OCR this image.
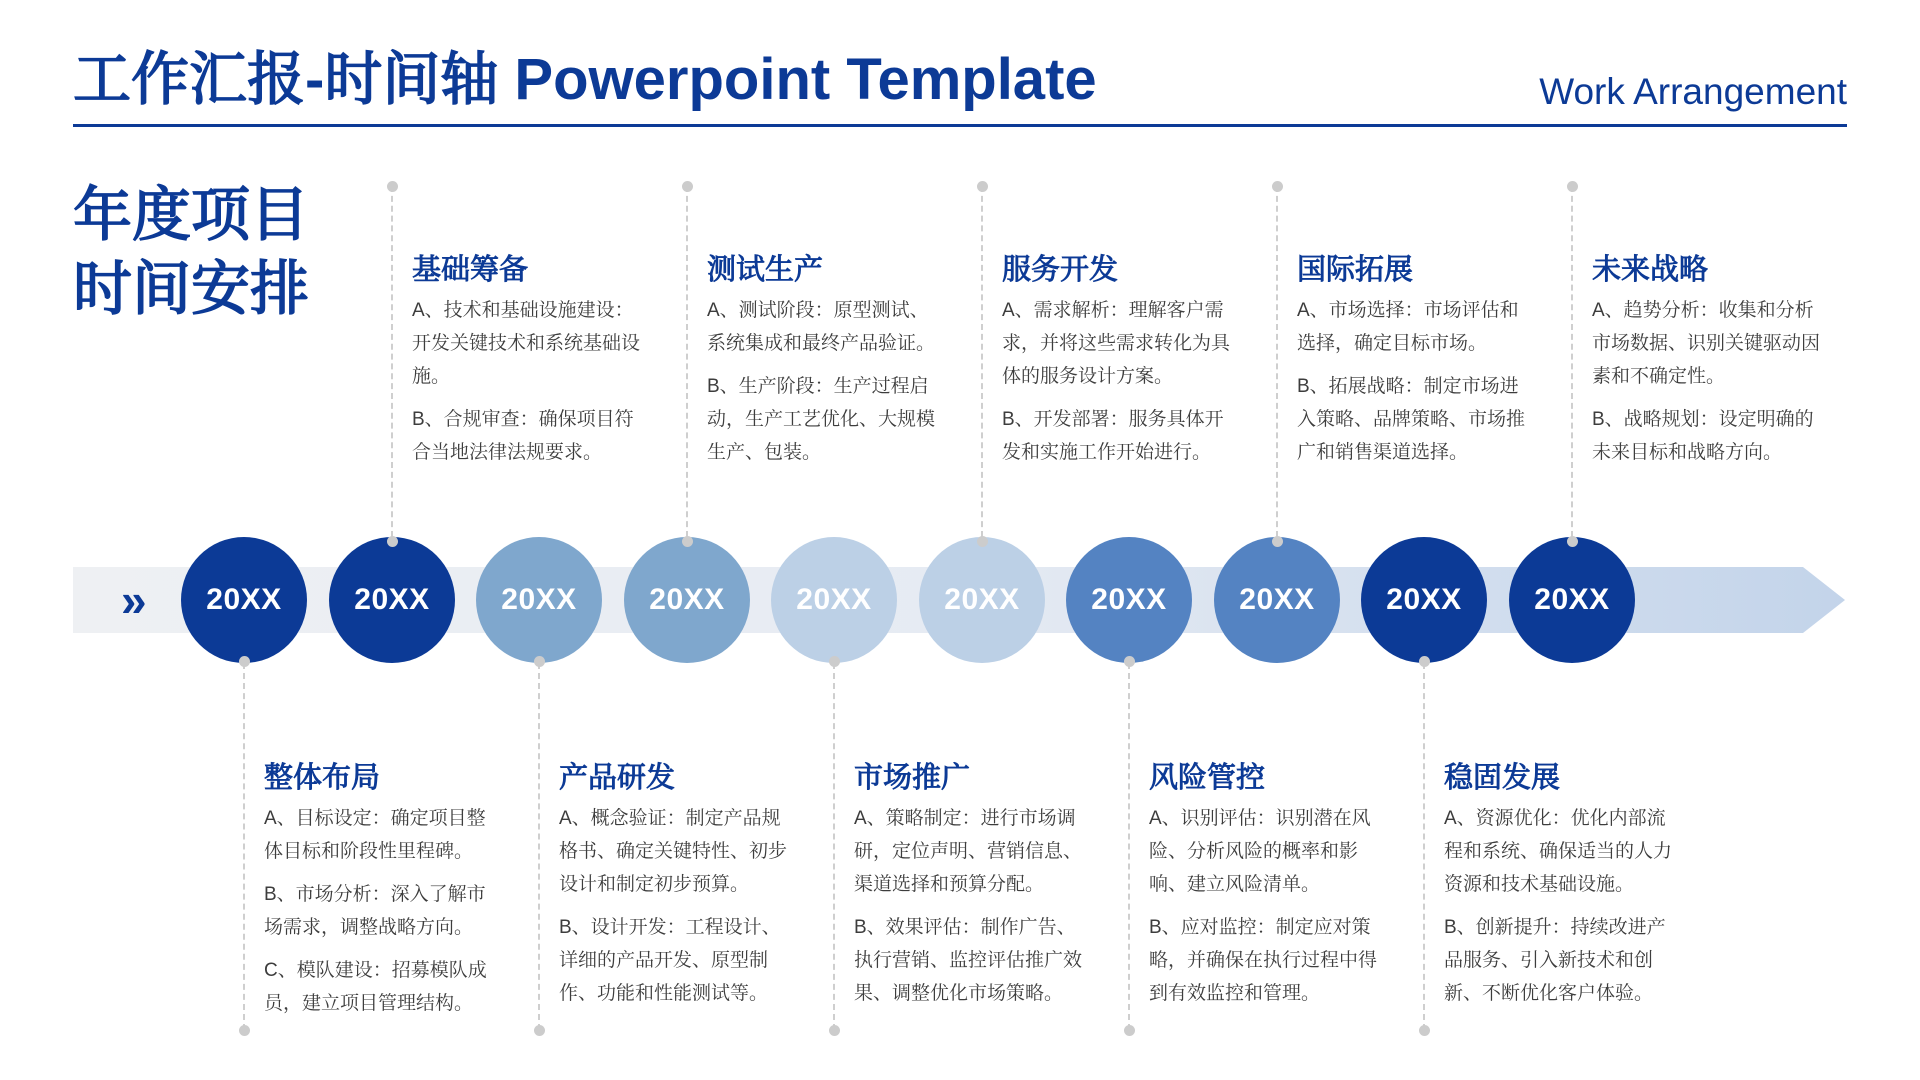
工作汇报-时间轴 Powerpoint Template	Work Arrangement
年度项目
时间安排
» 20XX 20XX 20XX 20XX 20XX 20XX 20XX 20XX 20XX 20XX
基础筹备

A、技术和基础设施建设：开发关键技术和系统基础设施。

B、合规审查：确保项目符合当地法律法规要求。

测试生产

A、测试阶段：原型测试、系统集成和最终产品验证。

B、生产阶段：生产过程启动，生产工艺优化、大规模生产、包装。

服务开发

A、需求解析：理解客户需求，并将这些需求转化为具体的服务设计方案。

B、开发部署：服务具体开发和实施工作开始进行。

国际拓展

A、市场选择：市场评估和选择，确定目标市场。

B、拓展战略：制定市场进入策略、品牌策略、市场推广和销售渠道选择。

未来战略

A、趋势分析：收集和分析市场数据、识别关键驱动因素和不确定性。

B、战略规划：设定明确的未来目标和战略方向。

整体布局

A、目标设定：确定项目整体目标和阶段性里程碑。

B、市场分析：深入了解市场需求，调整战略方向。

C、模队建设：招募模队成员，建立项目管理结构。

产品研发

A、概念验证：制定产品规格书、确定关键特性、初步设计和制定初步预算。

B、设计开发：工程设计、详细的产品开发、原型制作、功能和性能测试等。

市场推广

A、策略制定：进行市场调研，定位声明、营销信息、渠道选择和预算分配。

B、效果评估：制作广告、执行营销、监控评估推广效果、调整优化市场策略。

风险管控

A、识别评估：识别潜在风险、分析风险的概率和影响、建立风险清单。

B、应对监控：制定应对策略，并确保在执行过程中得到有效监控和管理。

稳固发展

A、资源优化：优化内部流程和系统、确保适当的人力资源和技术基础设施。

B、创新提升：持续改进产品服务、引入新技术和创新、不断优化客户体验。
